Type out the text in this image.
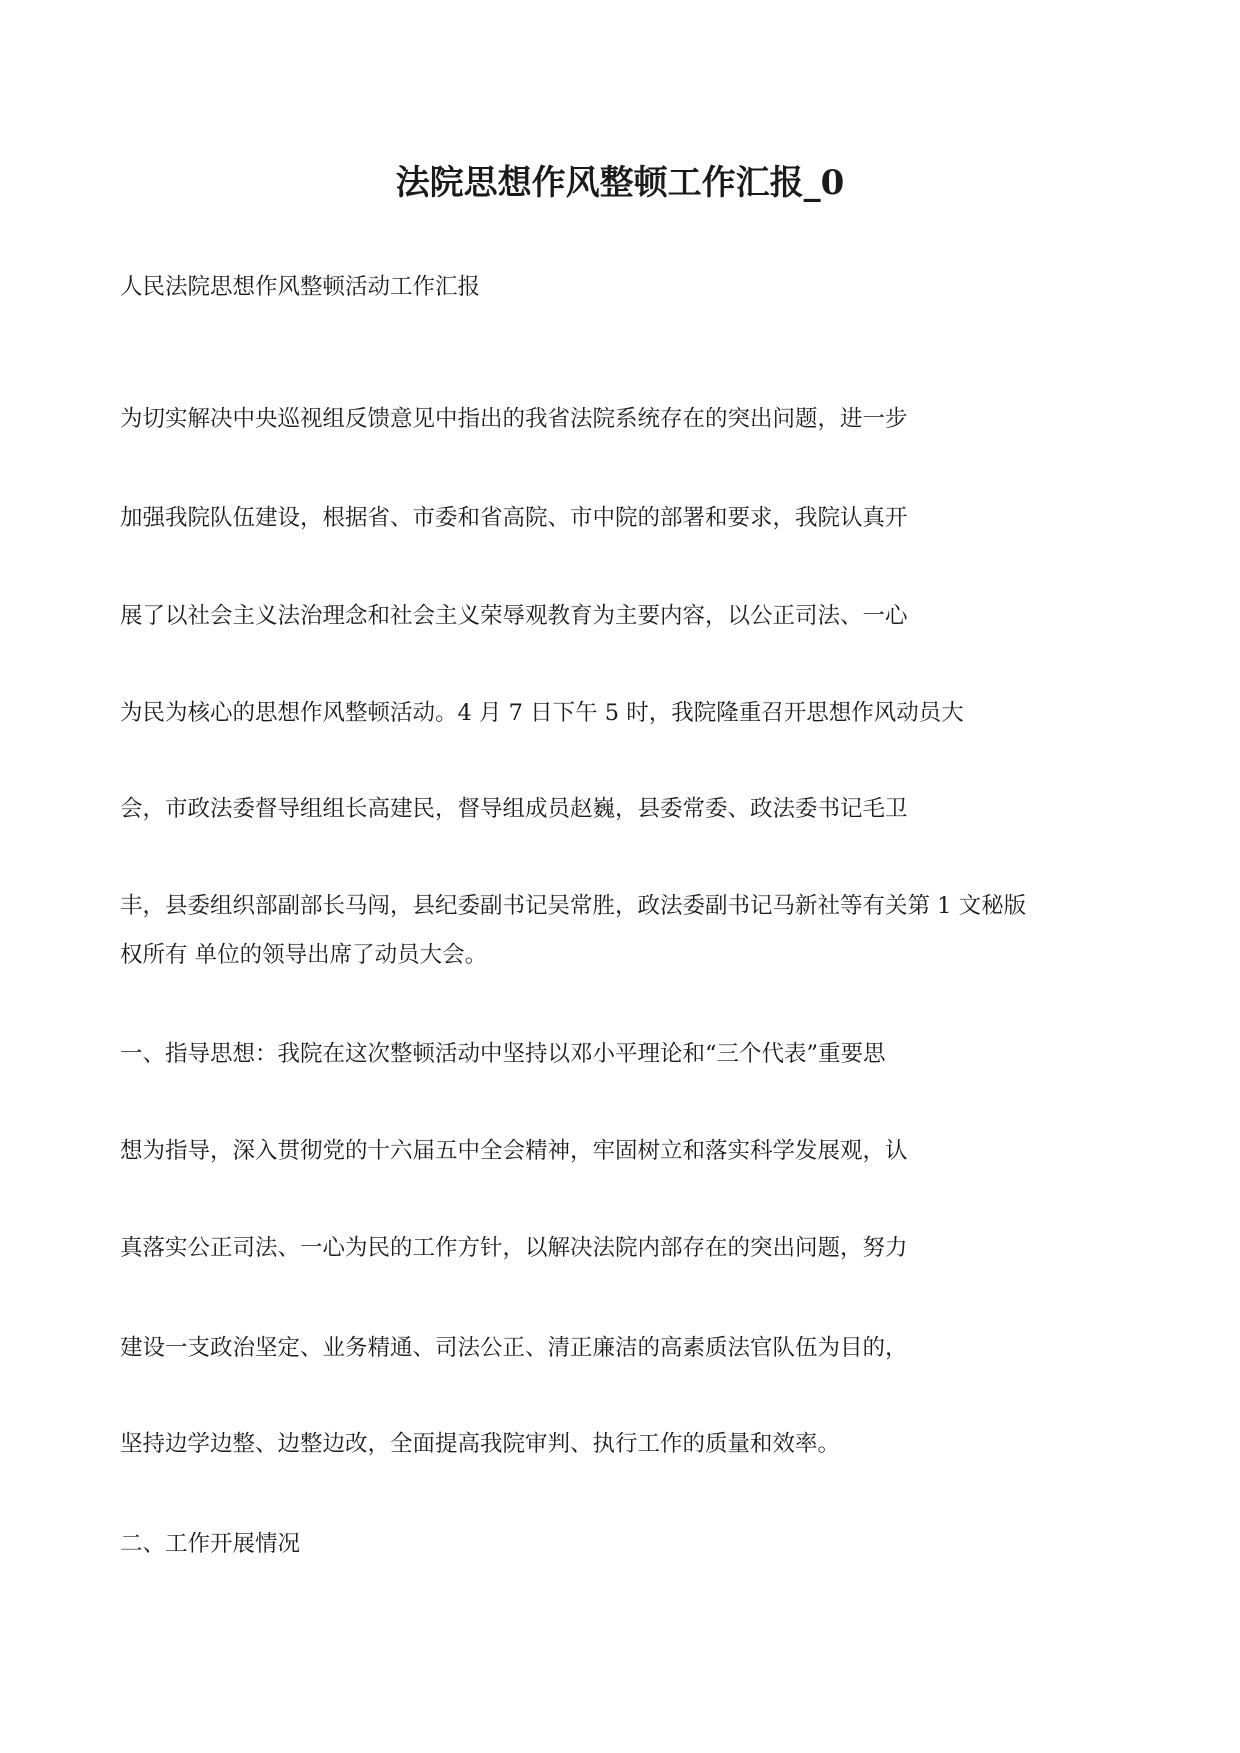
法院思想作风整顿工作汇报_0
人民法院思想作风整顿活动工作汇报
为切实解决中央巡视组反馈意见中指出的我省法院系统存在的突出问题，进一步
加强我院队伍建设，根据省、市委和省高院、市中院的部署和要求，我院认真开
展了以社会主义法治理念和社会主义荣辱观教育为主要内容，以公正司法、一心
为民为核心的思想作风整顿活动。4 月 7 日下午 5 时，我院隆重召开思想作风动员大
会，市政法委督导组组长高建民，督导组成员赵巍，县委常委、政法委书记毛卫
丰，县委组织部副部长马闯，县纪委副书记吴常胜，政法委副书记马新社等有关第 1 文秘版
权所有 单位的领导出席了动员大会。
一、指导思想：我院在这次整顿活动中坚持以邓小平理论和“三个代表”重要思
想为指导，深入贯彻党的十六届五中全会精神，牢固树立和落实科学发展观，认
真落实公正司法、一心为民的工作方针，以解决法院内部存在的突出问题，努力
建设一支政治坚定、业务精通、司法公正、清正廉洁的高素质法官队伍为目的，
坚持边学边整、边整边改，全面提高我院审判、执行工作的质量和效率。
二、工作开展情况
